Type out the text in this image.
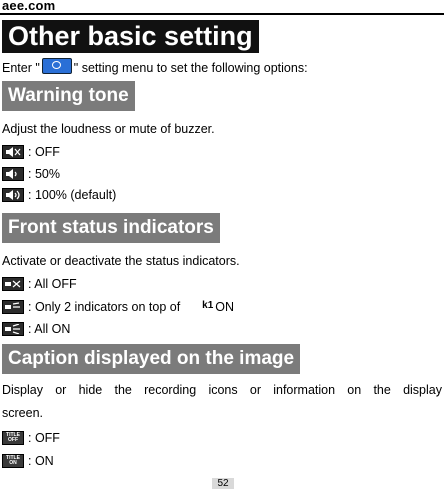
aee.com
Other basic setting
Enter "	" setting menu to set the following options:
Warning tone
Adjust the loudness or mute of buzzer.
: OFF
: 50%
: 100% (default)
Front status indicators
Activate or deactivate the status indicators.
: All OFF
: Only 2 indicators on top of k1 ON
: All ON
Caption displayed on the image
Display or hide the recording icons or information on the display
screen.
TITLE
OFF : OFF
TITLE
ON : ON
52
